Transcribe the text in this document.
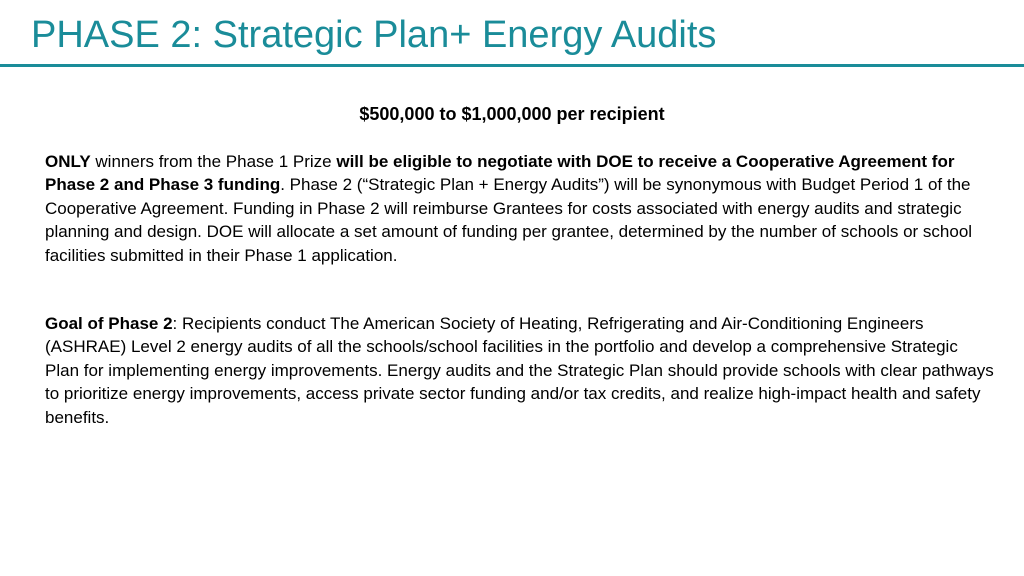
PHASE 2: Strategic Plan+ Energy Audits
$500,000 to $1,000,000 per recipient
ONLY winners from the Phase 1 Prize will be eligible to negotiate with DOE to receive a Cooperative Agreement for Phase 2 and Phase 3 funding. Phase 2 (“Strategic Plan + Energy Audits”) will be synonymous with Budget Period 1 of the Cooperative Agreement. Funding in Phase 2 will reimburse Grantees for costs associated with energy audits and strategic planning and design. DOE will allocate a set amount of funding per grantee, determined by the number of schools or school facilities submitted in their Phase 1 application.
Goal of Phase 2: Recipients conduct The American Society of Heating, Refrigerating and Air-Conditioning Engineers (ASHRAE) Level 2 energy audits of all the schools/school facilities in the portfolio and develop a comprehensive Strategic Plan for implementing energy improvements. Energy audits and the Strategic Plan should provide schools with clear pathways to prioritize energy improvements, access private sector funding and/or tax credits, and realize high-impact health and safety benefits.
